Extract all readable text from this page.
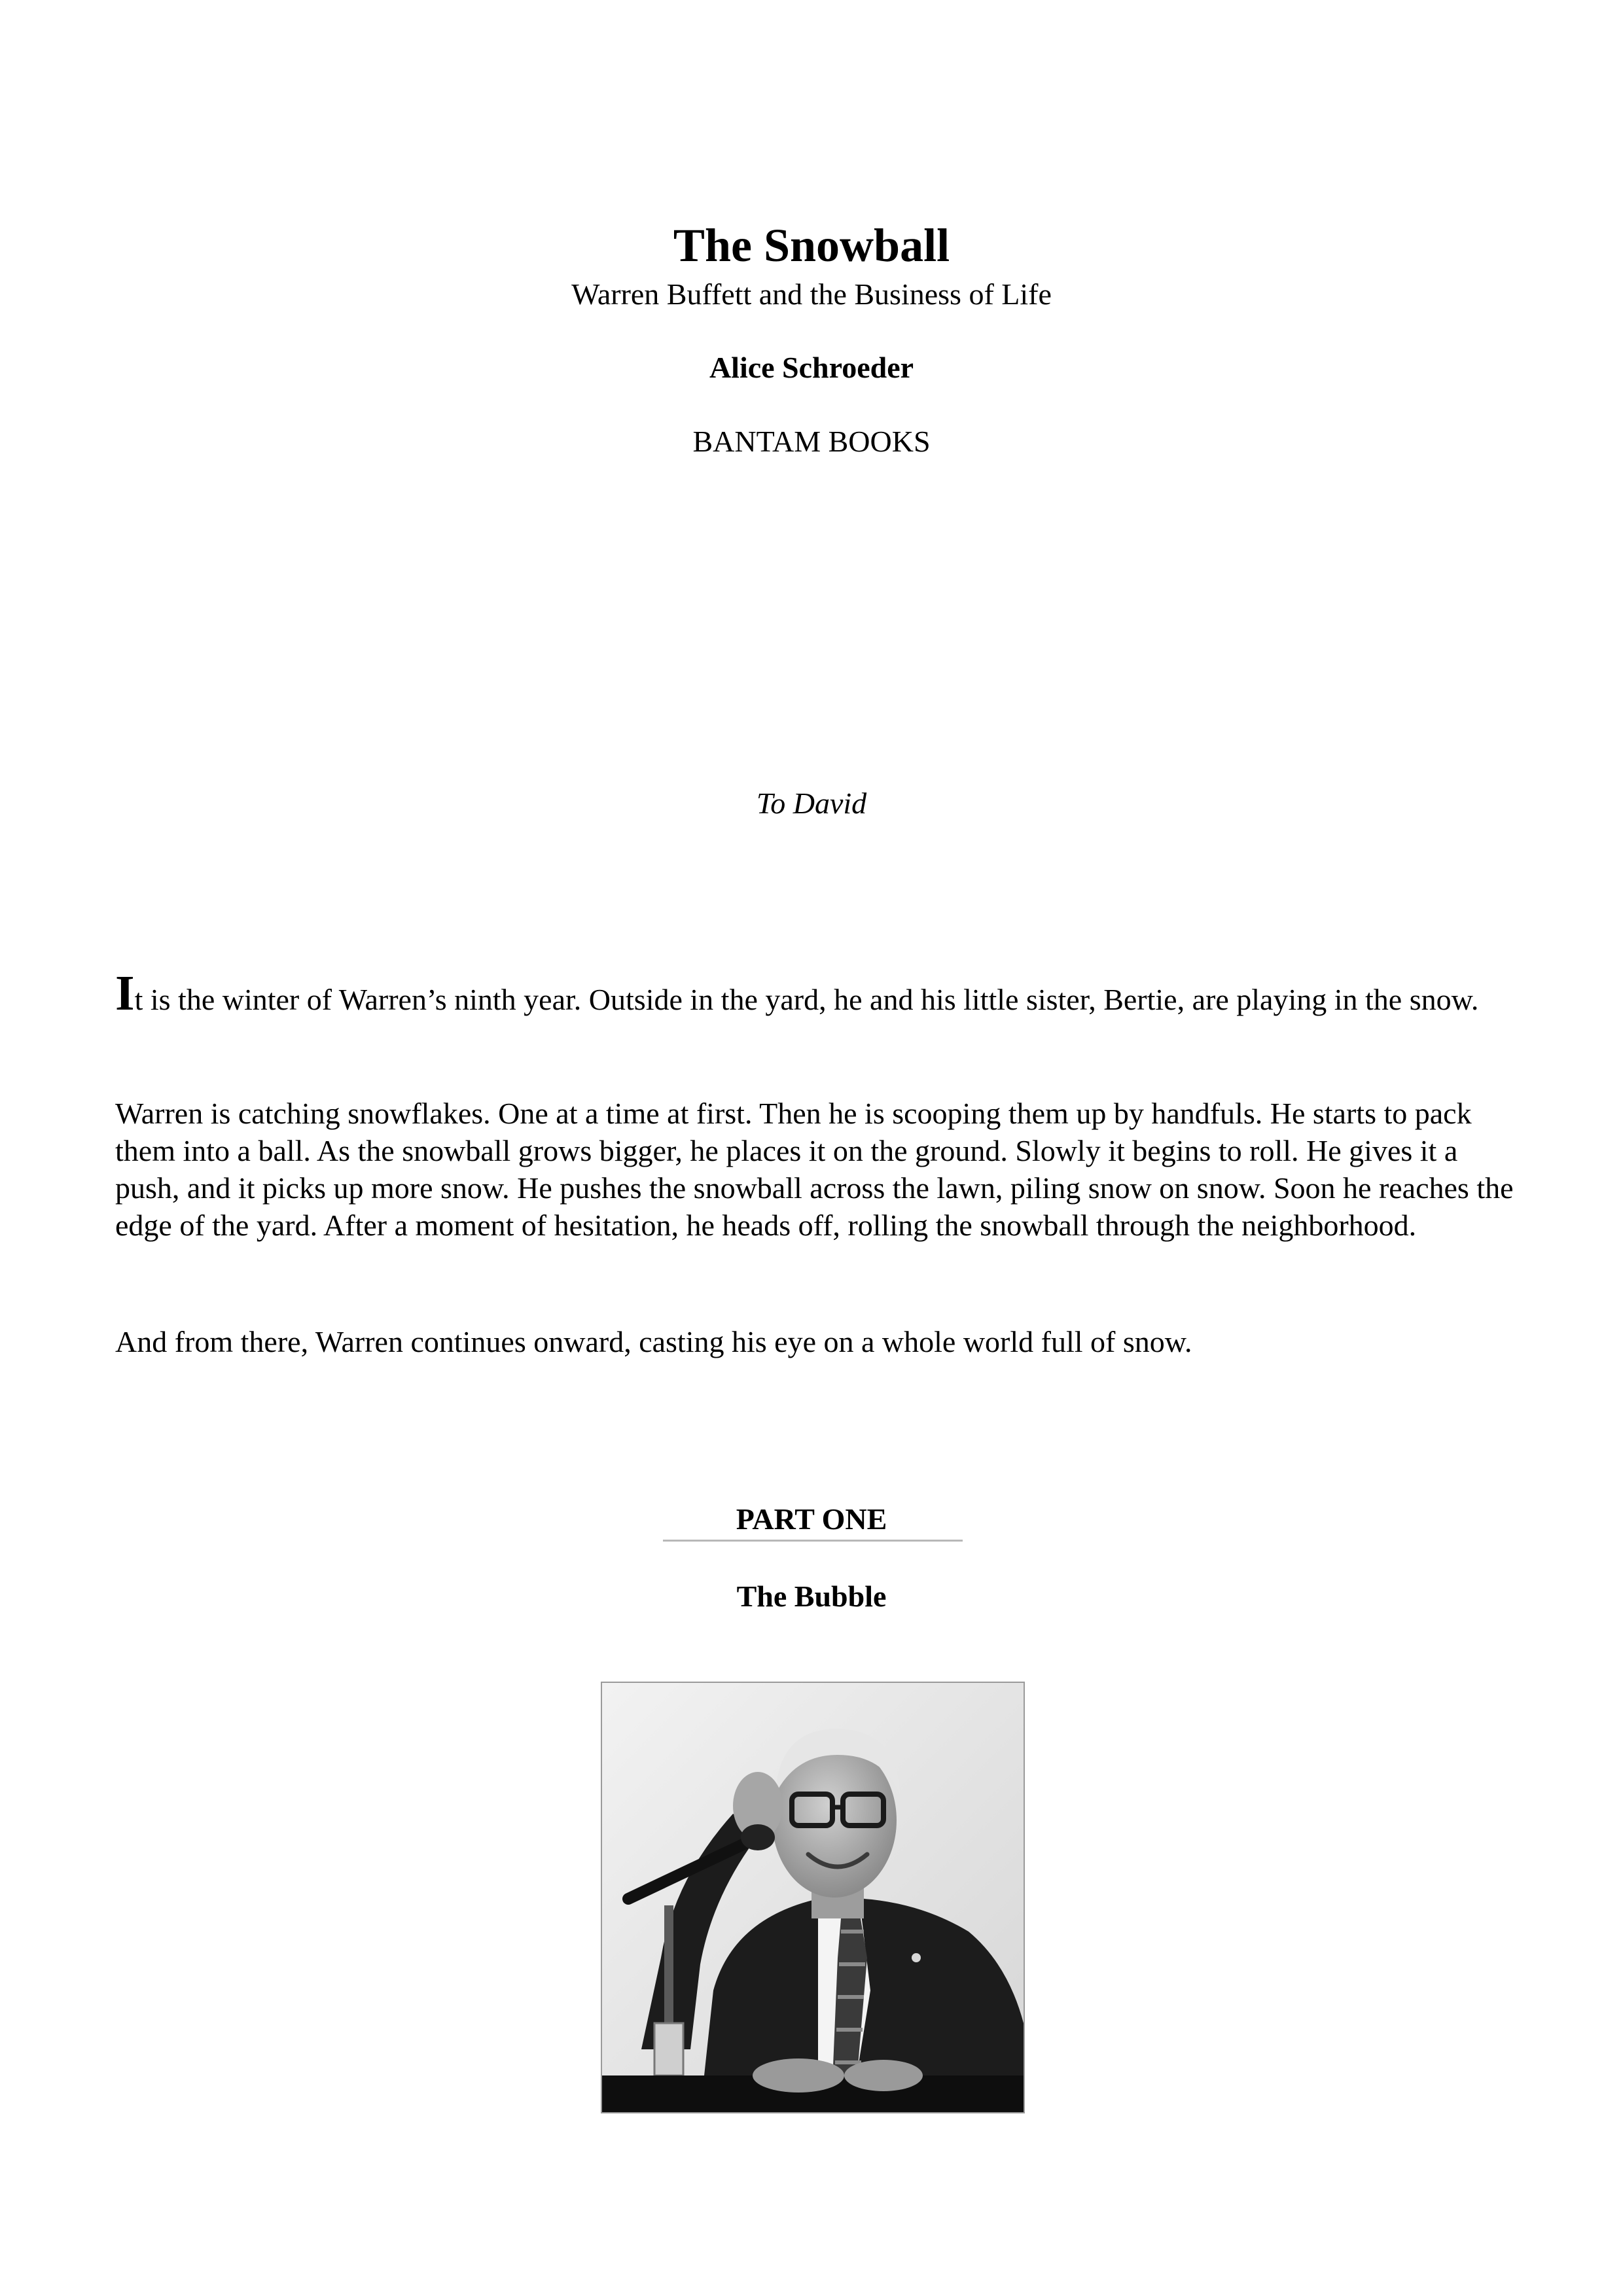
The Snowball
Warren Buffett and the Business of Life
Alice Schroeder
BANTAM BOOKS
To David
It is the winter of Warren’s ninth year. Outside in the yard, he and his little sister, Bertie, are playing in the snow.
Warren is catching snowflakes. One at a time at first. Then he is scooping them up by handfuls. He starts to pack them into a ball. As the snowball grows bigger, he places it on the ground. Slowly it begins to roll. He gives it a push, and it picks up more snow. He pushes the snowball across the lawn, piling snow on snow. Soon he reaches the edge of the yard. After a moment of hesitation, he heads off, rolling the snowball through the neighborhood.
And from there, Warren continues onward, casting his eye on a whole world full of snow.
PART ONE
The Bubble
